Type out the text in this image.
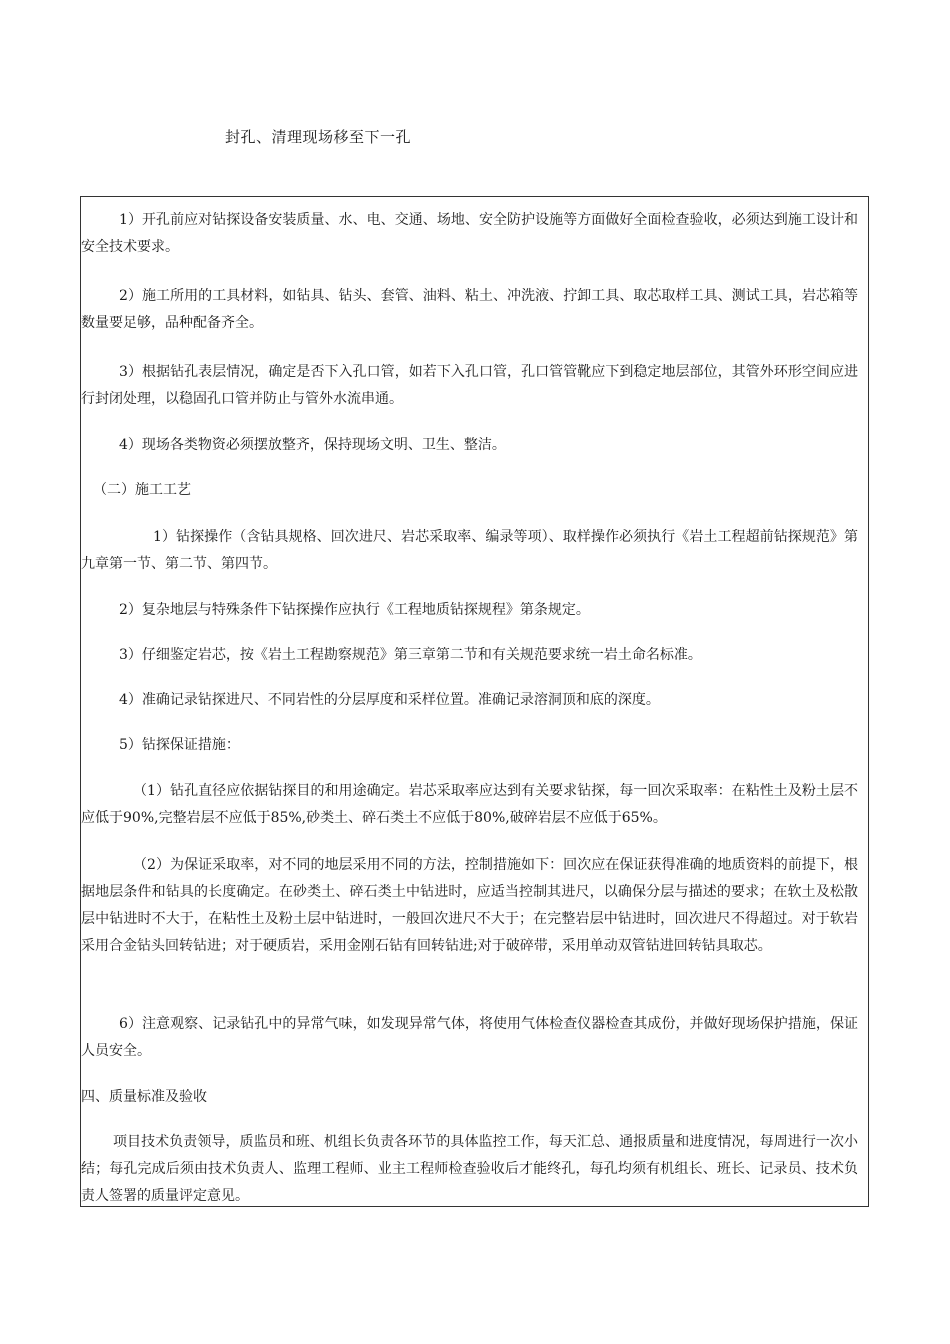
封孔、清理现场移至下一孔
1）开孔前应对钻探设备安装质量、水、电、交通、场地、安全防护设施等方面做好全面检查验收，必须达到施工设计和安全技术要求。
2）施工所用的工具材料，如钻具、钻头、套管、油料、粘土、冲洗液、拧卸工具、取芯取样工具、测试工具，岩芯箱等数量要足够，品种配备齐全。
3）根据钻孔表层情况，确定是否下入孔口管，如若下入孔口管，孔口管管靴应下到稳定地层部位，其管外环形空间应进行封闭处理，以稳固孔口管并防止与管外水流串通。
4）现场各类物资必须摆放整齐，保持现场文明、卫生、整洁。
（二）施工工艺
1）钻探操作（含钻具规格、回次进尺、岩芯采取率、编录等项）、取样操作必须执行《岩土工程超前钻探规范》第九章第一节、第二节、第四节。
2）复杂地层与特殊条件下钻探操作应执行《工程地质钻探规程》第条规定。
3）仔细鉴定岩芯，按《岩土工程勘察规范》第三章第二节和有关规范要求统一岩土命名标准。
4）准确记录钻探进尺、不同岩性的分层厚度和采样位置。准确记录溶洞顶和底的深度。
5）钻探保证措施：
（1）钻孔直径应依据钻探目的和用途确定。岩芯采取率应达到有关要求钻探，每一回次采取率：在粘性土及粉土层不应低于90%,完整岩层不应低于85%,砂类土、碎石类土不应低于80%,破碎岩层不应低于65%。
（2）为保证采取率，对不同的地层采用不同的方法，控制措施如下：回次应在保证获得准确的地质资料的前提下，根据地层条件和钻具的长度确定。在砂类土、碎石类土中钻进时，应适当控制其进尺，以确保分层与描述的要求；在软土及松散层中钻进时不大于，在粘性土及粉土层中钻进时，一般回次进尺不大于；在完整岩层中钻进时，回次进尺不得超过。对于软岩采用合金钻头回转钻进；对于硬质岩，采用金刚石钻有回转钻进;对于破碎带，采用单动双管钻进回转钻具取芯。
6）注意观察、记录钻孔中的异常气味，如发现异常气体，将使用气体检查仪器检查其成份，并做好现场保护措施，保证人员安全。
四、质量标准及验收
项目技术负责领导，质监员和班、机组长负责各环节的具体监控工作，每天汇总、通报质量和进度情况，每周进行一次小结；每孔完成后须由技术负责人、监理工程师、业主工程师检查验收后才能终孔，每孔均须有机组长、班长、记录员、技术负责人签署的质量评定意见。
